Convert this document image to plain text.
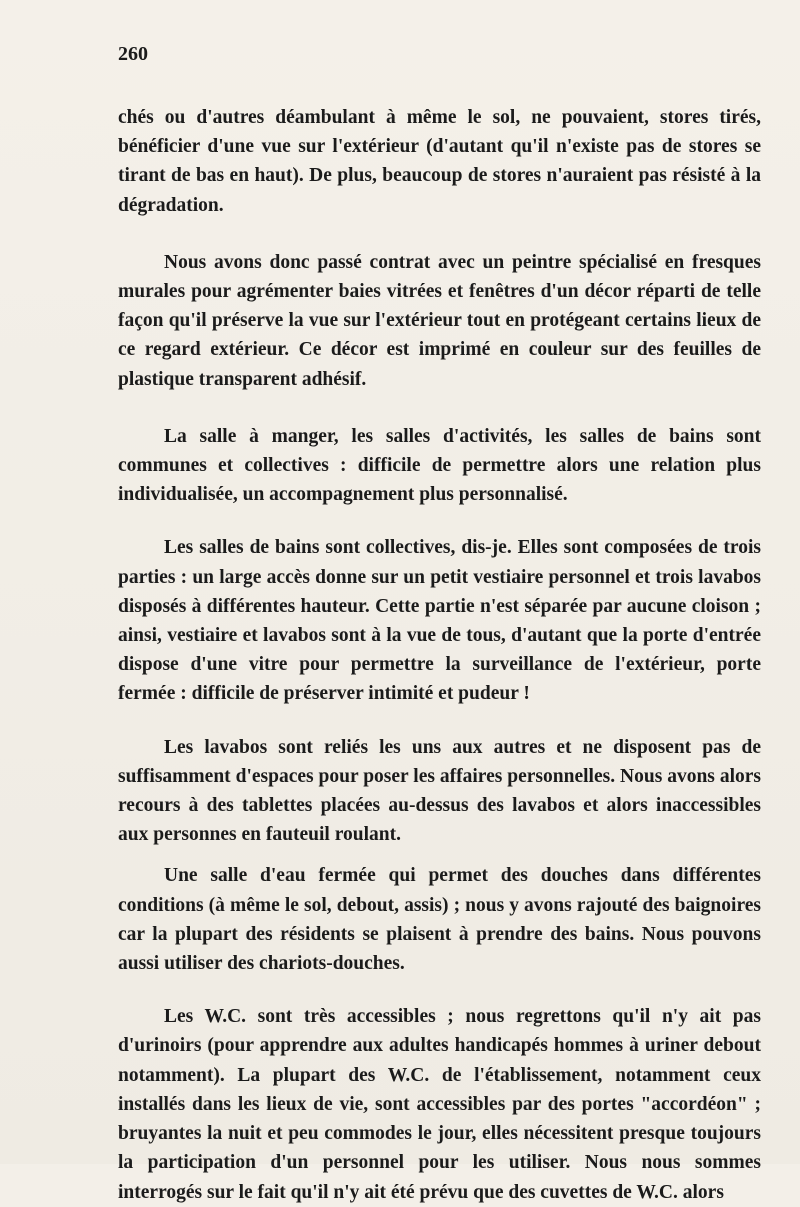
260

chés ou d'autres déambulant à même le sol, ne pouvaient, stores tirés, bénéficier d'une vue sur l'extérieur (d'autant qu'il n'existe pas de stores se tirant de bas en haut). De plus, beaucoup de stores n'auraient pas résisté à la dégradation.

Nous avons donc passé contrat avec un peintre spécialisé en fresques murales pour agrémenter baies vitrées et fenêtres d'un décor réparti de telle façon qu'il préserve la vue sur l'extérieur tout en protégeant certains lieux de ce regard extérieur. Ce décor est imprimé en couleur sur des feuilles de plastique transparent adhésif.

La salle à manger, les salles d'activités, les salles de bains sont communes et collectives : difficile de permettre alors une relation plus individualisée, un accompagnement plus personnalisé.

Les salles de bains sont collectives, dis-je. Elles sont composées de trois parties : un large accès donne sur un petit vestiaire personnel et trois lavabos disposés à différentes hauteur. Cette partie n'est séparée par aucune cloison ; ainsi, vestiaire et lavabos sont à la vue de tous, d'autant que la porte d'entrée dispose d'une vitre pour permettre la surveillance de l'extérieur, porte fermée : difficile de préserver intimité et pudeur !

Les lavabos sont reliés les uns aux autres et ne disposent pas de suffisamment d'espaces pour poser les affaires personnelles. Nous avons alors recours à des tablettes placées au-dessus des lavabos et alors inaccessibles aux personnes en fauteuil roulant.

Une salle d'eau fermée qui permet des douches dans différentes conditions (à même le sol, debout, assis) ; nous y avons rajouté des baignoires car la plupart des résidents se plaisent à prendre des bains. Nous pouvons aussi utiliser des chariots-douches.

Les W.C. sont très accessibles ; nous regrettons qu'il n'y ait pas d'urinoirs (pour apprendre aux adultes handicapés hommes à uriner debout notamment). La plupart des W.C. de l'établissement, notamment ceux installés dans les lieux de vie, sont accessibles par des portes "accordéon" ; bruyantes la nuit et peu commodes le jour, elles nécessitent presque toujours la participation d'un personnel pour les utiliser. Nous nous sommes interrogés sur le fait qu'il n'y ait été prévu que des cuvettes de W.C. alors
